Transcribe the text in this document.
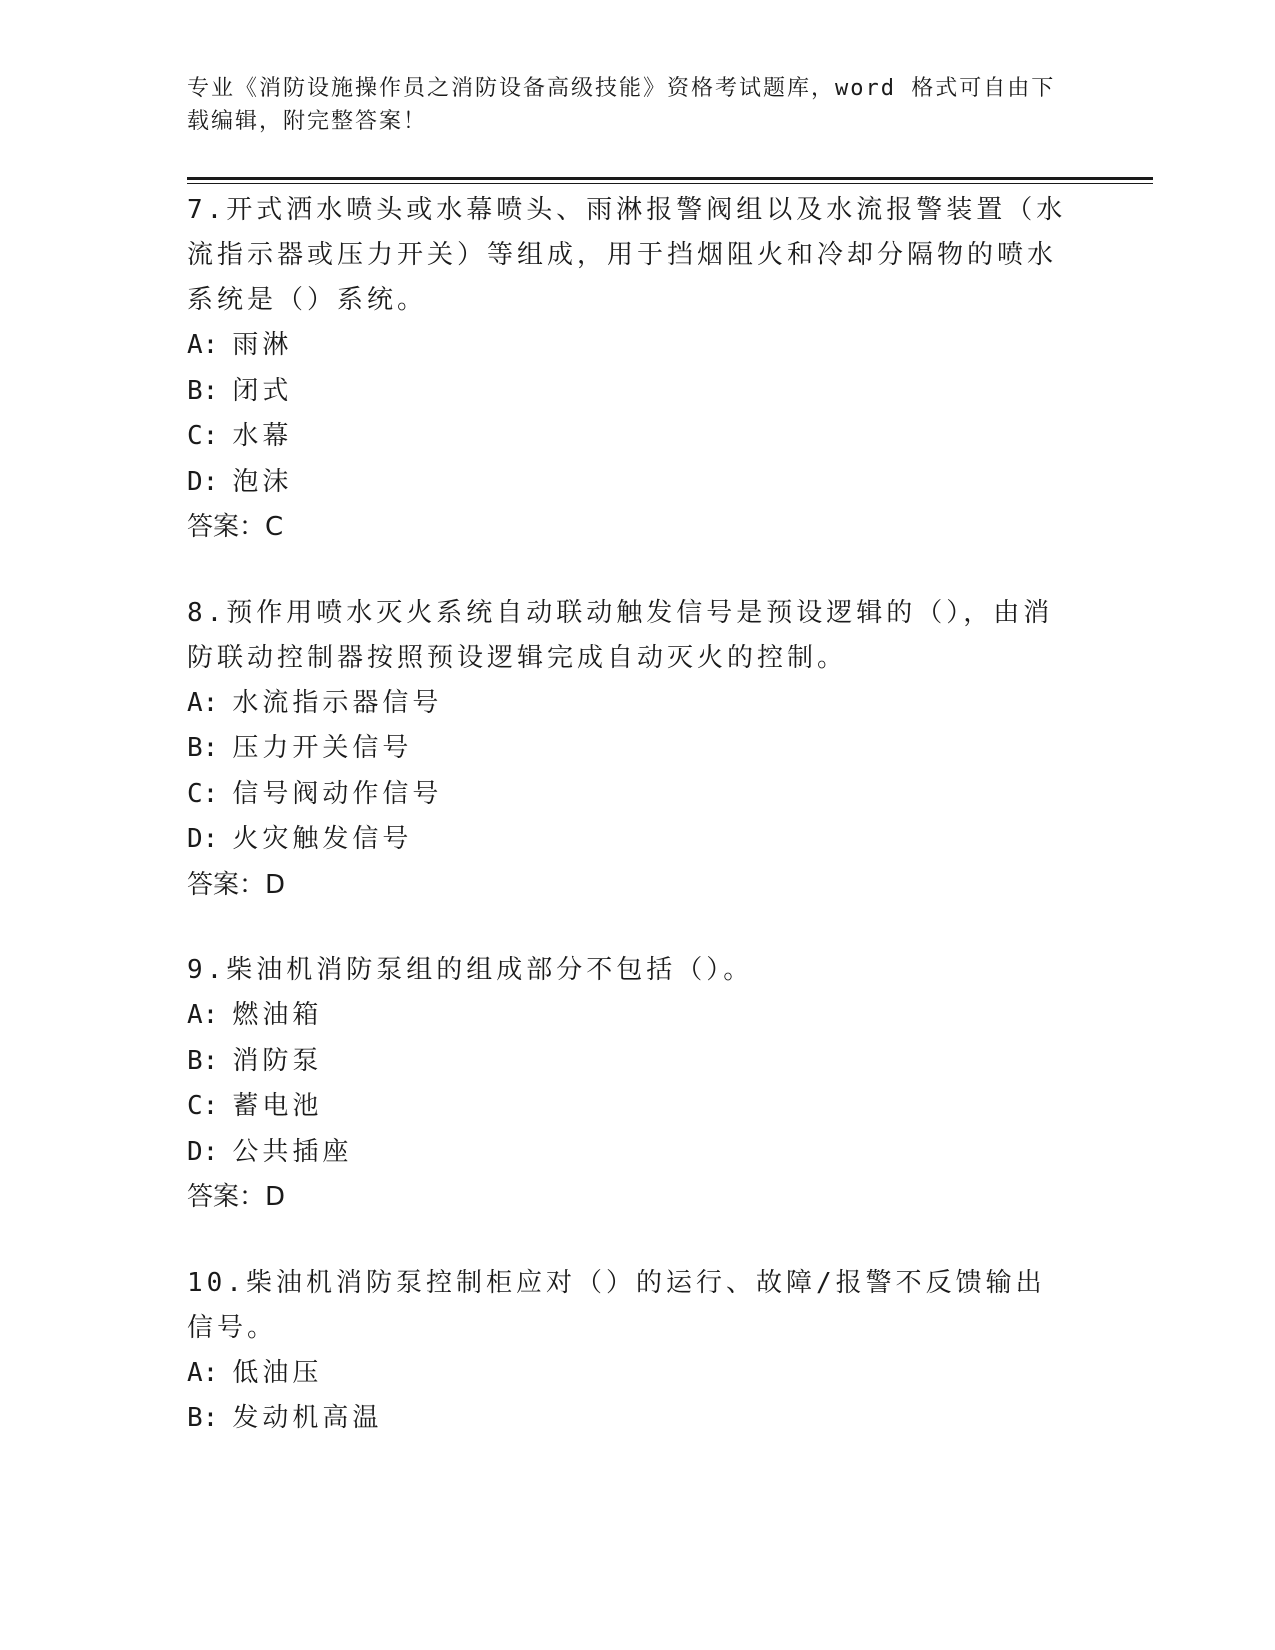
专业《消防设施操作员之消防设备高级技能》资格考试题库，word 格式可自由下载编辑，附完整答案！

7.开式洒水喷头或水幕喷头、雨淋报警阀组以及水流报警装置（水流指示器或压力开关）等组成，用于挡烟阻火和冷却分隔物的喷水系统是（）系统。

A: 雨淋

B: 闭式

C: 水幕

D: 泡沫

答案：C

8.预作用喷水灭火系统自动联动触发信号是预设逻辑的（），由消防联动控制器按照预设逻辑完成自动灭火的控制。

A: 水流指示器信号

B: 压力开关信号

C: 信号阀动作信号

D: 火灾触发信号

答案：D

9.柴油机消防泵组的组成部分不包括（）。

A: 燃油箱

B: 消防泵

C: 蓄电池

D: 公共插座

答案：D

10.柴油机消防泵控制柜应对（）的运行、故障/报警不反馈输出信号。

A: 低油压

B: 发动机高温
